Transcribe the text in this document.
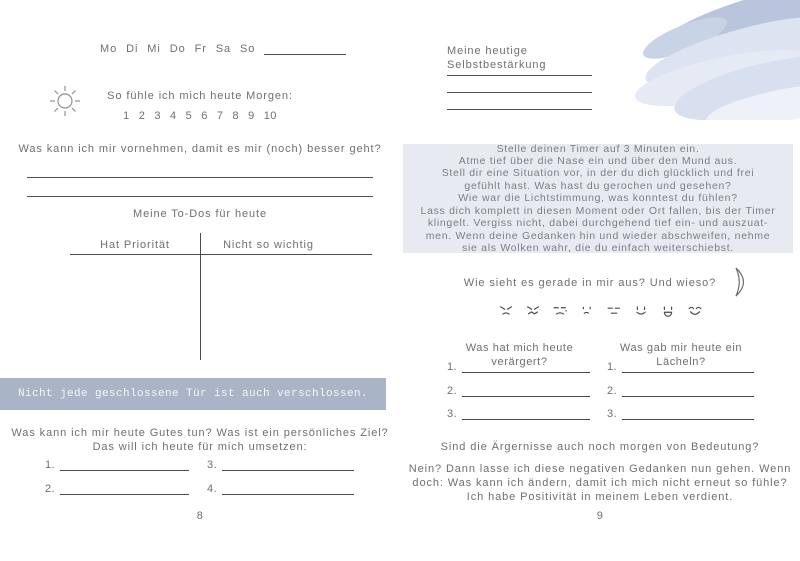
Mo Di Mi Do Fr Sa So
So fühle ich mich heute Morgen:
1 2 3 4 5 6 7 8 9 10
Was kann ich mir vornehmen, damit es mir (noch) besser geht?
Meine To-Dos für heute
Hat Priorität	Nicht so wichtig
Nicht jede geschlossene Tür ist auch verschlossen.
Was kann ich mir heute Gutes tun? Was ist ein persönliches Ziel?
Das will ich heute für mich umsetzen:
1.	3.
2.	4.
8
Meine heutige Selbstbestärkung
Stelle deinen Timer auf 3 Minuten ein.
Atme tief über die Nase ein und über den Mund aus.
Stell dir eine Situation vor, in der du dich glücklich und frei
gefühlt hast. Was hast du gerochen und gesehen?
Wie war die Lichtstimmung, was konntest du fühlen?
Lass dich komplett in diesen Moment oder Ort fallen, bis der Timer
klingelt. Vergiss nicht, dabei durchgehend tief ein- und auszuat-
men. Wenn deine Gedanken hin und wieder abschweifen, nehme
sie als Wolken wahr, die du einfach weiterschiebst.
Wie sieht es gerade in mir aus? Und wieso?
Was hat mich heute verärgert?
Was gab mir heute ein Lächeln?
1.	1.
2.	2.
3.	3.
Sind die Ärgernisse auch noch morgen von Bedeutung?
Nein? Dann lasse ich diese negativen Gedanken nun gehen. Wenn
doch: Was kann ich ändern, damit ich mich nicht erneut so fühle?
Ich habe Positivität in meinem Leben verdient.
9
